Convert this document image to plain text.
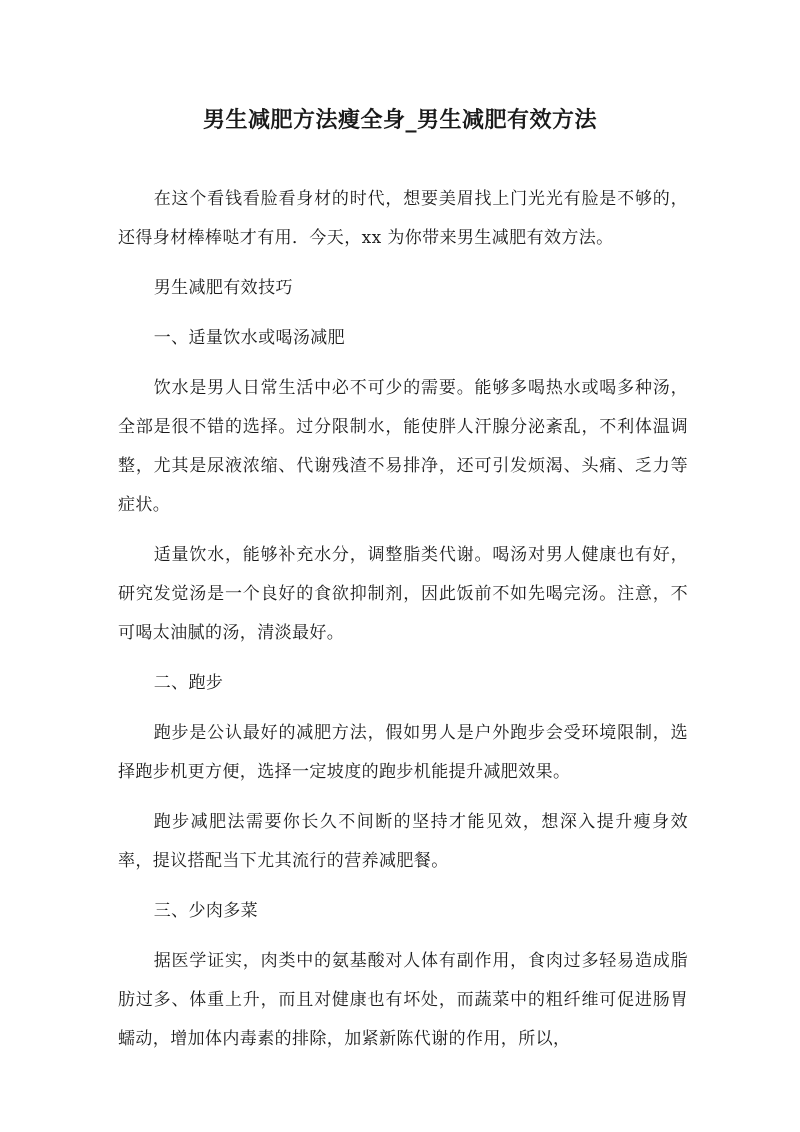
男生减肥方法瘦全身_男生减肥有效方法

在这个看钱看脸看身材的时代，想要美眉找上门光光有脸是不够的，还得身材棒棒哒才有用．今天，xx 为你带来男生减肥有效方法。

男生减肥有效技巧

一、适量饮水或喝汤减肥

饮水是男人日常生活中必不可少的需要。能够多喝热水或喝多种汤，全部是很不错的选择。过分限制水，能使胖人汗腺分泌紊乱，不利体温调整，尤其是尿液浓缩、代谢残渣不易排净，还可引发烦渴、头痛、乏力等症状。

适量饮水，能够补充水分，调整脂类代谢。喝汤对男人健康也有好，研究发觉汤是一个良好的食欲抑制剂，因此饭前不如先喝完汤。注意，不可喝太油腻的汤，清淡最好。

二、跑步

跑步是公认最好的减肥方法，假如男人是户外跑步会受环境限制，选择跑步机更方便，选择一定坡度的跑步机能提升减肥效果。

跑步减肥法需要你长久不间断的坚持才能见效，想深入提升瘦身效率，提议搭配当下尤其流行的营养减肥餐。

三、少肉多菜

据医学证实，肉类中的氨基酸对人体有副作用，食肉过多轻易造成脂肪过多、体重上升，而且对健康也有坏处，而蔬菜中的粗纤维可促进肠胃蠕动，增加体内毒素的排除，加紧新陈代谢的作用，所以，
